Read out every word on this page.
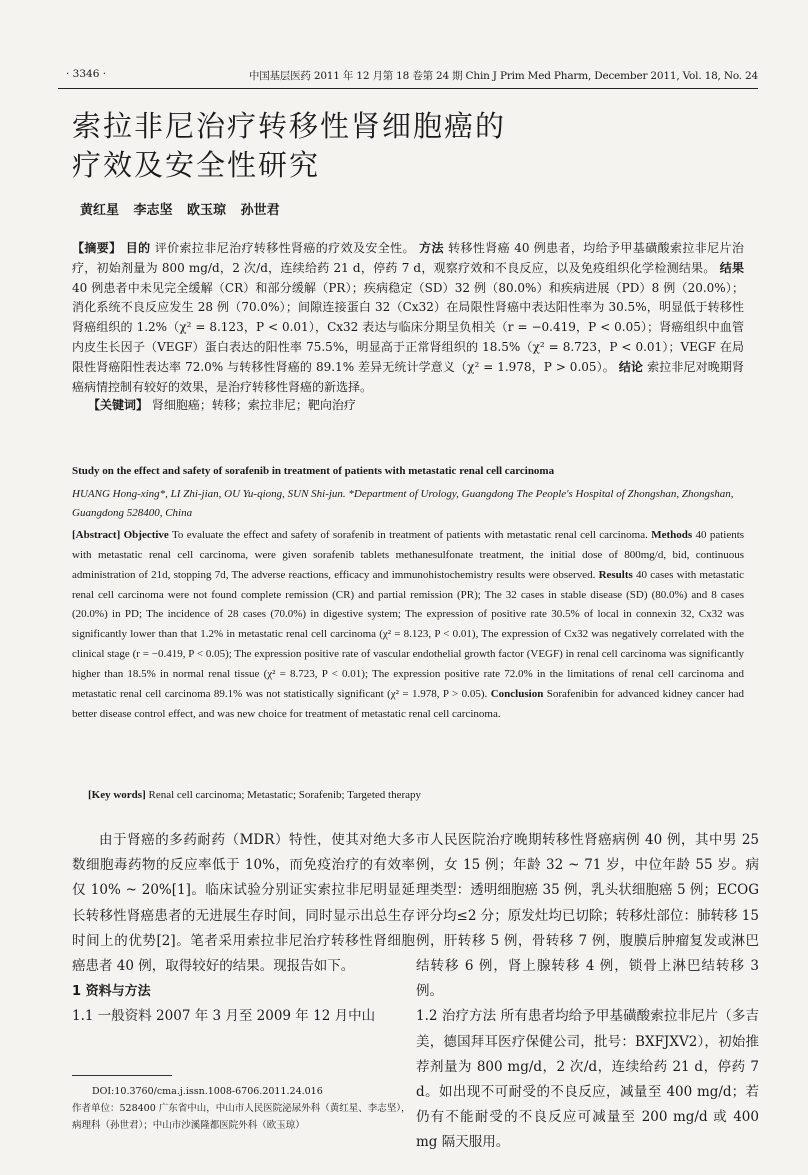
· 3346 ·	中国基层医药 2011 年 12 月第 18 卷第 24 期 Chin J Prim Med Pharm, December 2011, Vol. 18, No. 24
索拉非尼治疗转移性肾细胞癌的
疗效及安全性研究
黄红星 李志坚 欧玉琼 孙世君
【摘要】 目的 评价索拉非尼治疗转移性肾癌的疗效及安全性。 方法 转移性肾癌 40 例患者，均给予甲基磺酸索拉非尼片治疗，初始剂量为 800 mg/d，2 次/d，连续给药 21 d，停药 7 d，观察疗效和不良反应，以及免疫组织化学检测结果。 结果 40 例患者中未见完全缓解（CR）和部分缓解（PR）；疾病稳定（SD）32 例（80.0%）和疾病进展（PD）8 例（20.0%）；消化系统不良反应发生 28 例（70.0%）；间隙连接蛋白 32（Cx32）在局限性肾癌中表达阳性率为 30.5%，明显低于转移性肾癌组织的 1.2%（χ² = 8.123，P < 0.01），Cx32 表达与临床分期呈负相关（r = −0.419，P < 0.05）；肾癌组织中血管内皮生长因子（VEGF）蛋白表达的阳性率 75.5%，明显高于正常肾组织的 18.5%（χ² = 8.723，P < 0.01）；VEGF 在局限性肾癌阳性表达率 72.0% 与转移性肾癌的 89.1% 差异无统计学意义（χ² = 1.978，P > 0.05）。 结论 索拉非尼对晚期肾癌病情控制有较好的效果，是治疗转移性肾癌的新选择。
【关键词】 肾细胞癌；转移；索拉非尼；靶向治疗
Study on the effect and safety of sorafenib in treatment of patients with metastatic renal cell carcinoma
HUANG Hong-xing*, LI Zhi-jian, OU Yu-qiong, SUN Shi-jun. *Department of Urology, Guangdong The People's Hospital of Zhongshan, Zhongshan, Guangdong 528400, China
[Abstract] Objective To evaluate the effect and safety of sorafenib in treatment of patients with metastatic renal cell carcinoma. Methods 40 patients with metastatic renal cell carcinoma, were given sorafenib tablets methanesulfonate treatment, the initial dose of 800mg/d, bid, continuous administration of 21d, stopping 7d, The adverse reactions, efficacy and immunohistochemistry results were observed. Results 40 cases with metastatic renal cell carcinoma were not found complete remission (CR) and partial remission (PR); The 32 cases in stable disease (SD) (80.0%) and 8 cases (20.0%) in PD; The incidence of 28 cases (70.0%) in digestive system; The expression of positive rate 30.5% of local in connexin 32, Cx32 was significantly lower than that 1.2% in metastatic renal cell carcinoma (χ² = 8.123, P < 0.01), The expression of Cx32 was negatively correlated with the clinical stage (r = −0.419, P < 0.05); The expression positive rate of vascular endothelial growth factor (VEGF) in renal cell carcinoma was significantly higher than 18.5% in normal renal tissue (χ² = 8.723, P < 0.01); The expression positive rate 72.0% in the limitations of renal cell carcinoma and metastatic renal cell carcinoma 89.1% was not statistically significant (χ² = 1.978, P > 0.05). Conclusion Sorafenibin for advanced kidney cancer had better disease control effect, and was new choice for treatment of metastatic renal cell carcinoma.
[Key words] Renal cell carcinoma; Metastatic; Sorafenib; Targeted therapy

由于肾癌的多药耐药（MDR）特性，使其对绝大多数细胞毒药物的反应率低于 10%，而免疫治疗的有效率仅 10% ~ 20%[1]。临床试验分别证实索拉非尼明显延长转移性肾癌患者的无进展生存时间，同时显示出总生存时间上的优势[2]。笔者采用索拉非尼治疗转移性肾细胞癌患者 40 例，取得较好的结果。现报告如下。

1 资料与方法

1.1 一般资料 2007 年 3 月至 2009 年 12 月中山

市人民医院治疗晚期转移性肾癌病例 40 例，其中男 25 例，女 15 例；年龄 32 ~ 71 岁，中位年龄 55 岁。病理类型：透明细胞癌 35 例，乳头状细胞癌 5 例；ECOG 评分均≤2 分；原发灶均已切除；转移灶部位：肺转移 15 例，肝转移 5 例，骨转移 7 例，腹膜后肿瘤复发或淋巴结转移 6 例，肾上腺转移 4 例，锁骨上淋巴结转移 3 例。

1.2 治疗方法 所有患者均给予甲基磺酸索拉非尼片（多吉美，德国拜耳医疗保健公司，批号：BXFJXV2），初始推荐剂量为 800 mg/d，2 次/d，连续给药 21 d，停药 7 d。如出现不可耐受的不良反应，减量至 400 mg/d；若仍有不能耐受的不良反应可减量至 200 mg/d 或 400 mg 隔天服用。

DOI:10.3760/cma.j.issn.1008-6706.2011.24.016
作者单位：528400 广东省中山，中山市人民医院泌尿外科（黄红星、李志坚），病理科（孙世君）；中山市沙溪隆都医院外科（欧玉琼）
